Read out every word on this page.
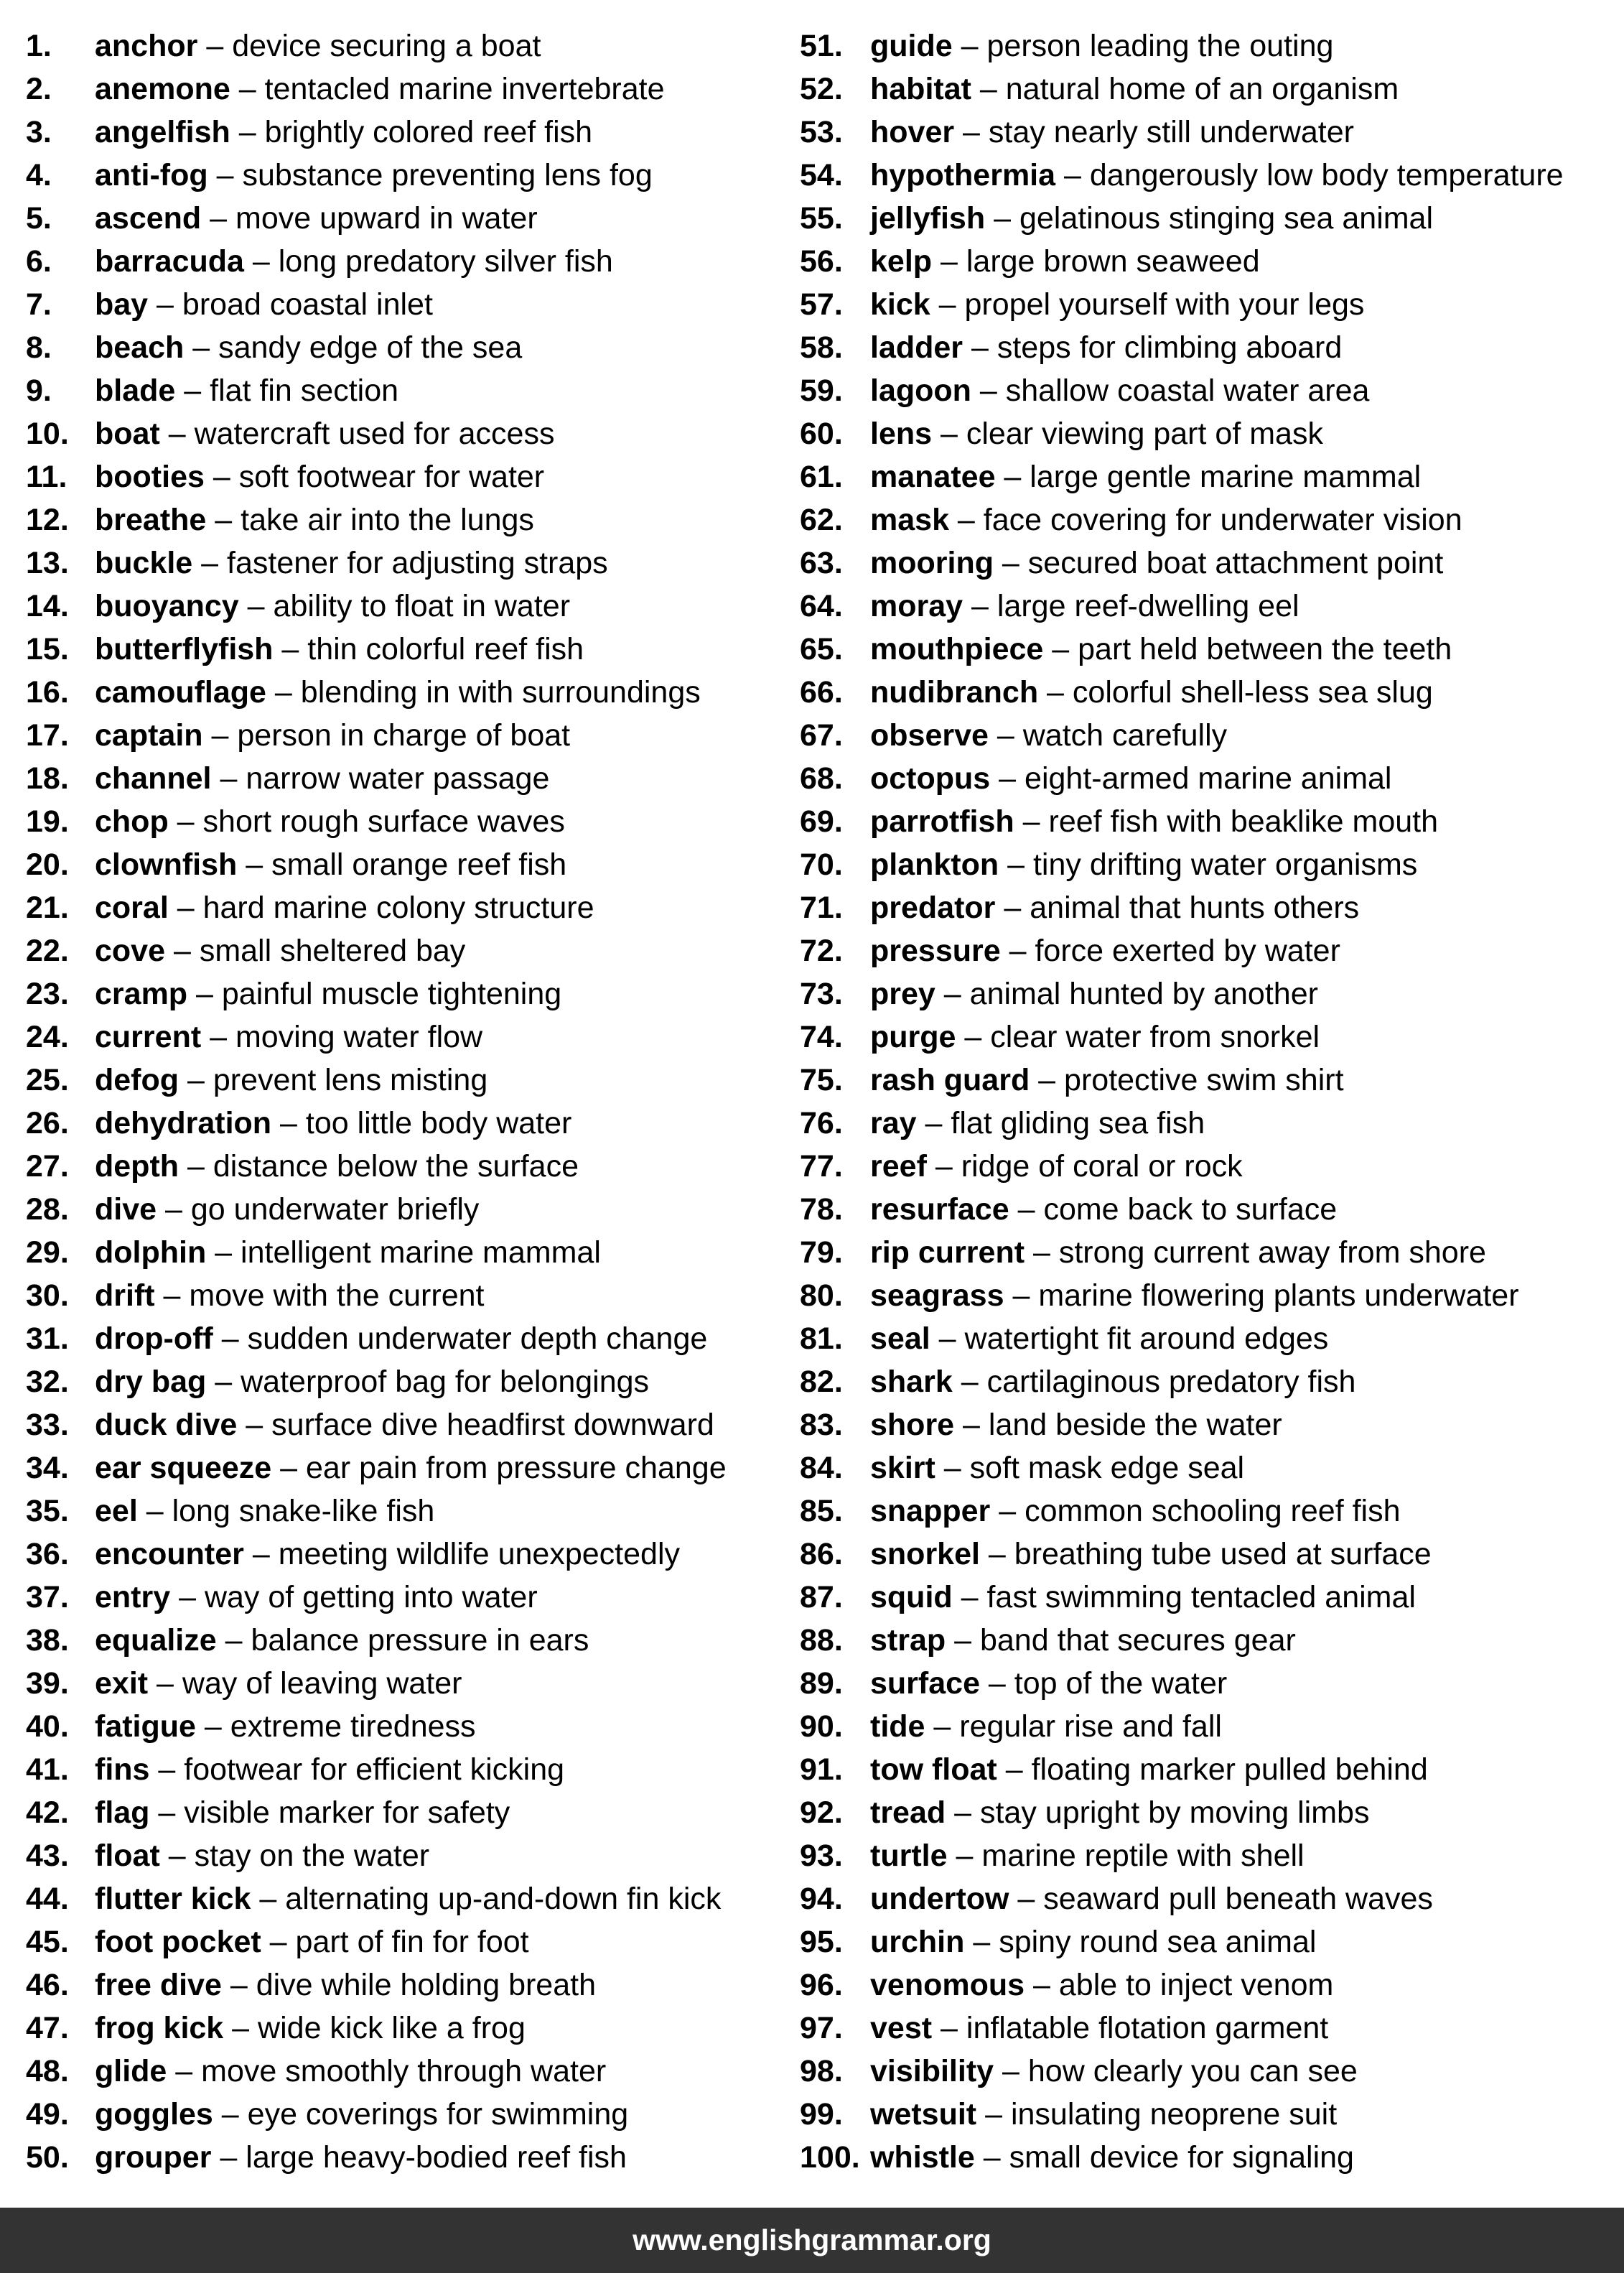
1. anchor – device securing a boat
2. anemone – tentacled marine invertebrate
3. angelfish – brightly colored reef fish
4. anti-fog – substance preventing lens fog
5. ascend – move upward in water
6. barracuda – long predatory silver fish
7. bay – broad coastal inlet
8. beach – sandy edge of the sea
9. blade – flat fin section
10. boat – watercraft used for access
11. booties – soft footwear for water
12. breathe – take air into the lungs
13. buckle – fastener for adjusting straps
14. buoyancy – ability to float in water
15. butterflyfish – thin colorful reef fish
16. camouflage – blending in with surroundings
17. captain – person in charge of boat
18. channel – narrow water passage
19. chop – short rough surface waves
20. clownfish – small orange reef fish
21. coral – hard marine colony structure
22. cove – small sheltered bay
23. cramp – painful muscle tightening
24. current – moving water flow
25. defog – prevent lens misting
26. dehydration – too little body water
27. depth – distance below the surface
28. dive – go underwater briefly
29. dolphin – intelligent marine mammal
30. drift – move with the current
31. drop-off – sudden underwater depth change
32. dry bag – waterproof bag for belongings
33. duck dive – surface dive headfirst downward
34. ear squeeze – ear pain from pressure change
35. eel – long snake-like fish
36. encounter – meeting wildlife unexpectedly
37. entry – way of getting into water
38. equalize – balance pressure in ears
39. exit – way of leaving water
40. fatigue – extreme tiredness
41. fins – footwear for efficient kicking
42. flag – visible marker for safety
43. float – stay on the water
44. flutter kick – alternating up-and-down fin kick
45. foot pocket – part of fin for foot
46. free dive – dive while holding breath
47. frog kick – wide kick like a frog
48. glide – move smoothly through water
49. goggles – eye coverings for swimming
50. grouper – large heavy-bodied reef fish
51. guide – person leading the outing
52. habitat – natural home of an organism
53. hover – stay nearly still underwater
54. hypothermia – dangerously low body temperature
55. jellyfish – gelatinous stinging sea animal
56. kelp – large brown seaweed
57. kick – propel yourself with your legs
58. ladder – steps for climbing aboard
59. lagoon – shallow coastal water area
60. lens – clear viewing part of mask
61. manatee – large gentle marine mammal
62. mask – face covering for underwater vision
63. mooring – secured boat attachment point
64. moray – large reef-dwelling eel
65. mouthpiece – part held between the teeth
66. nudibranch – colorful shell-less sea slug
67. observe – watch carefully
68. octopus – eight-armed marine animal
69. parrotfish – reef fish with beaklike mouth
70. plankton – tiny drifting water organisms
71. predator – animal that hunts others
72. pressure – force exerted by water
73. prey – animal hunted by another
74. purge – clear water from snorkel
75. rash guard – protective swim shirt
76. ray – flat gliding sea fish
77. reef – ridge of coral or rock
78. resurface – come back to surface
79. rip current – strong current away from shore
80. seagrass – marine flowering plants underwater
81. seal – watertight fit around edges
82. shark – cartilaginous predatory fish
83. shore – land beside the water
84. skirt – soft mask edge seal
85. snapper – common schooling reef fish
86. snorkel – breathing tube used at surface
87. squid – fast swimming tentacled animal
88. strap – band that secures gear
89. surface – top of the water
90. tide – regular rise and fall
91. tow float – floating marker pulled behind
92. tread – stay upright by moving limbs
93. turtle – marine reptile with shell
94. undertow – seaward pull beneath waves
95. urchin – spiny round sea animal
96. venomous – able to inject venom
97. vest – inflatable flotation garment
98. visibility – how clearly you can see
99. wetsuit – insulating neoprene suit
100. whistle – small device for signaling
www.englishgrammar.org
